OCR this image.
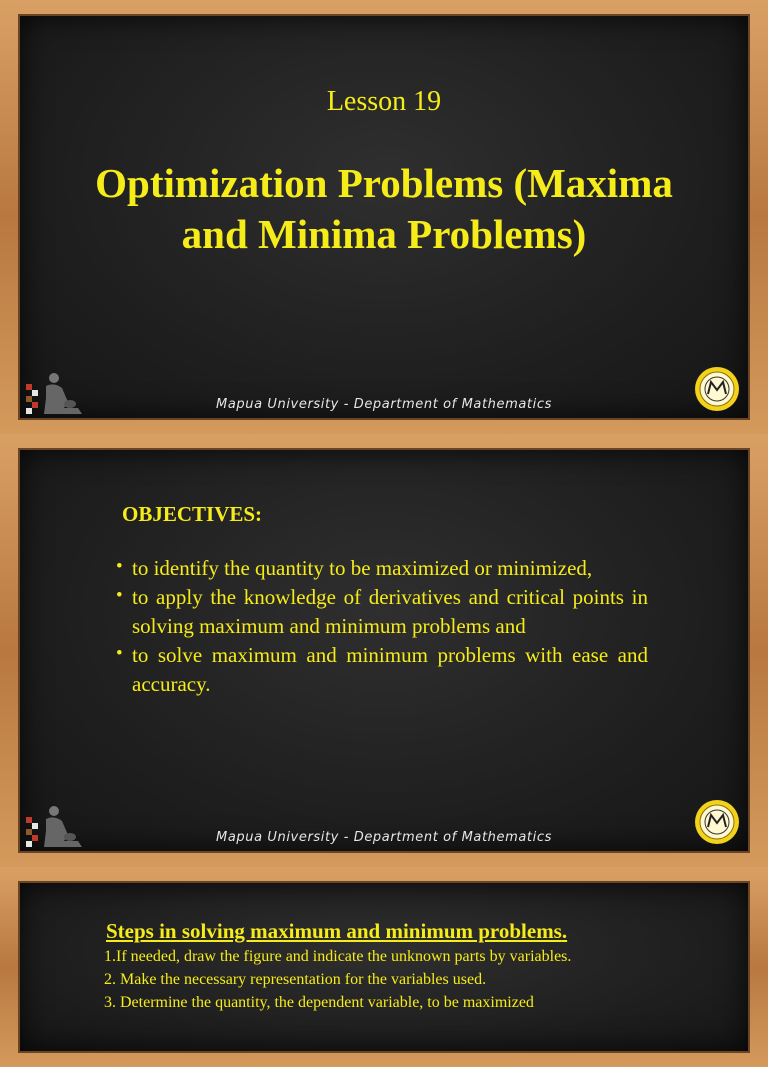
Lesson 19
Optimization Problems (Maxima and Minima Problems)
Mapua University - Department of Mathematics
OBJECTIVES:
• to identify the quantity to be maximized or minimized,
• to apply the knowledge of derivatives and critical points in solving maximum and minimum problems and
• to solve maximum and minimum problems with ease and accuracy.
Mapua University - Department of Mathematics
Steps in solving maximum and minimum problems.

1.If needed, draw the figure and indicate the unknown parts by variables.

2. Make the necessary representation for the variables used.

3. Determine the quantity, the dependent variable, to be maximized
